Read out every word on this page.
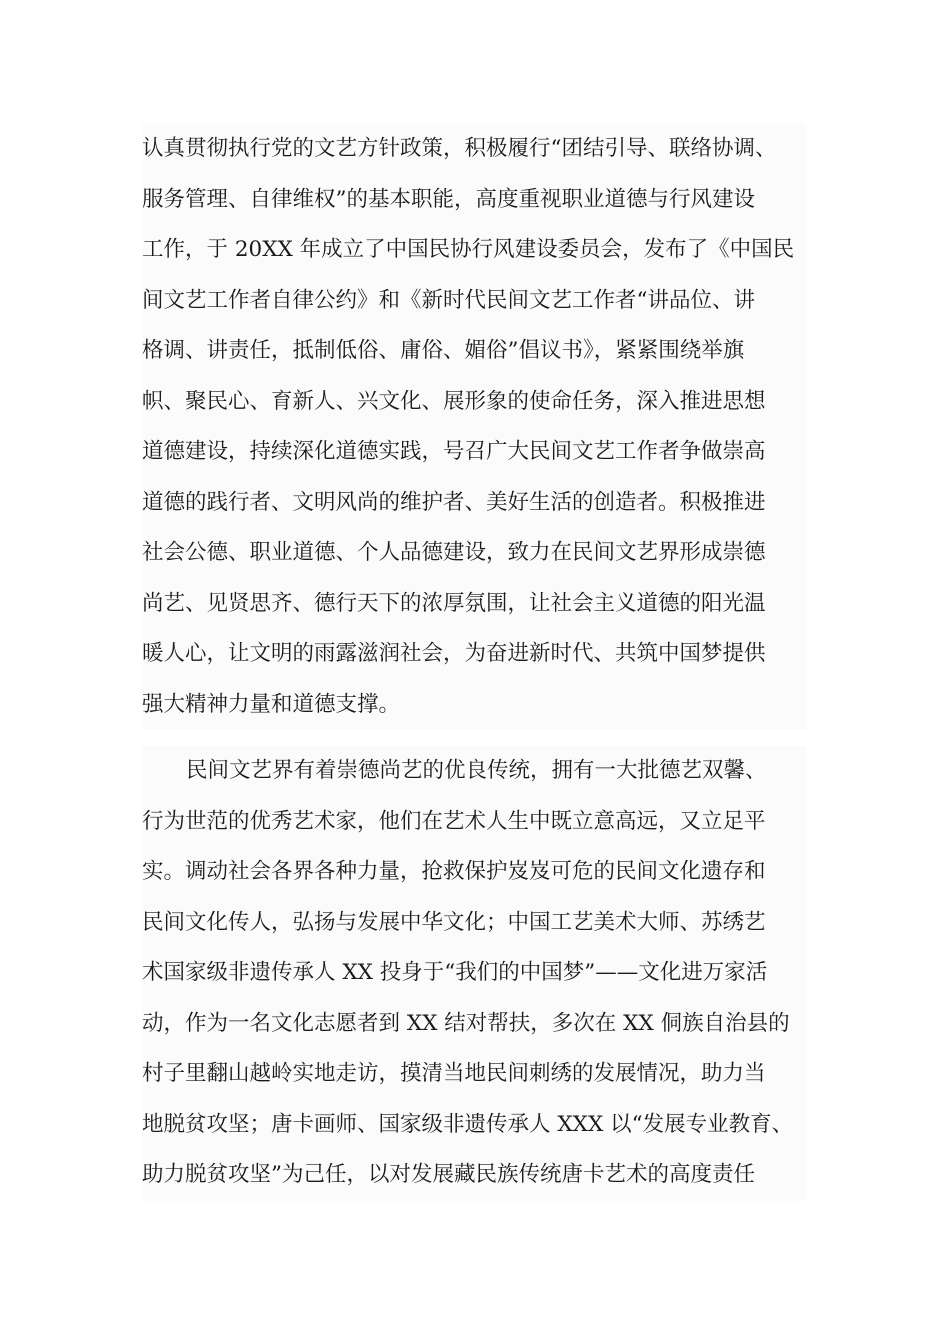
认真贯彻执行党的文艺方针政策，积极履行“团结引导、联络协调、
服务管理、自律维权”的基本职能，高度重视职业道德与行风建设
工作，于 20XX 年成立了中国民协行风建设委员会，发布了《中国民
间文艺工作者自律公约》和《新时代民间文艺工作者“讲品位、讲
格调、讲责任，抵制低俗、庸俗、媚俗”倡议书》，紧紧围绕举旗
帜、聚民心、育新人、兴文化、展形象的使命任务，深入推进思想
道德建设，持续深化道德实践，号召广大民间文艺工作者争做崇高
道德的践行者、文明风尚的维护者、美好生活的创造者。积极推进
社会公德、职业道德、个人品德建设，致力在民间文艺界形成崇德
尚艺、见贤思齐、德行天下的浓厚氛围，让社会主义道德的阳光温
暖人心，让文明的雨露滋润社会，为奋进新时代、共筑中国梦提供
强大精神力量和道德支撑。
民间文艺界有着崇德尚艺的优良传统，拥有一大批德艺双馨、
行为世范的优秀艺术家，他们在艺术人生中既立意高远，又立足平
实。调动社会各界各种力量，抢救保护岌岌可危的民间文化遗存和
民间文化传人，弘扬与发展中华文化；中国工艺美术大师、苏绣艺
术国家级非遗传承人 XX 投身于“我们的中国梦”——文化进万家活
动，作为一名文化志愿者到 XX 结对帮扶，多次在 XX 侗族自治县的
村子里翻山越岭实地走访，摸清当地民间刺绣的发展情况，助力当
地脱贫攻坚；唐卡画师、国家级非遗传承人 XXX 以“发展专业教育、
助力脱贫攻坚”为己任，以对发展藏民族传统唐卡艺术的高度责任
